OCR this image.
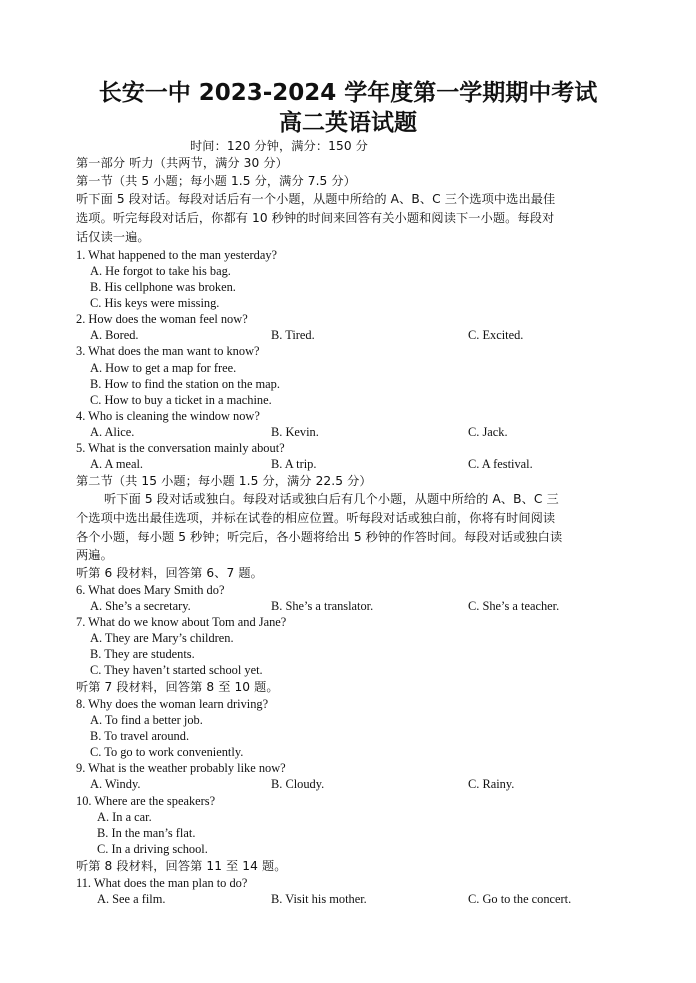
长安一中 2023-2024 学年度第一学期期中考试
高二英语试题
时间：120 分钟，满分：150 分
第一部分 听力（共两节，满分 30 分）
第一节（共 5 小题；每小题 1.5 分，满分 7.5 分）
听下面 5 段对话。每段对话后有一个小题，从题中所给的 A、B、C 三个选项中选出最佳
选项。听完每段对话后，你都有 10 秒钟的时间来回答有关小题和阅读下一小题。每段对
话仅读一遍。
1. What happened to the man yesterday?
A. He forgot to take his bag.
B. His cellphone was broken.
C. His keys were missing.
2. How does the woman feel now?
A. Bored.	B. Tired.	C. Excited.
3. What does the man want to know?
A. How to get a map for free.
B. How to find the station on the map.
C. How to buy a ticket in a machine.
4. Who is cleaning the window now?
A. Alice.	B. Kevin.	C. Jack.
5. What is the conversation mainly about?
A. A meal.	B. A trip.	C. A festival.
第二节（共 15 小题；每小题 1.5 分，满分 22.5 分）
听下面 5 段对话或独白。每段对话或独白后有几个小题，从题中所给的 A、B、C 三
个选项中选出最佳选项，并标在试卷的相应位置。听每段对话或独白前，你将有时间阅读
各个小题，每小题 5 秒钟；听完后，各小题将给出 5 秒钟的作答时间。每段对话或独白读
两遍。
听第 6 段材料，回答第 6、7 题。
6. What does Mary Smith do?
A. She’s a secretary.	B. She’s a translator.	C. She’s a teacher.
7. What do we know about Tom and Jane?
A. They are Mary’s children.
B. They are students.
C. They haven’t started school yet.
听第 7 段材料，回答第 8 至 10 题。
8. Why does the woman learn driving?
A. To find a better job.
B. To travel around.
C. To go to work conveniently.
9. What is the weather probably like now?
A. Windy.	B. Cloudy.	C. Rainy.
10. Where are the speakers?
A. In a car.
B. In the man’s flat.
C. In a driving school.
听第 8 段材料，回答第 11 至 14 题。
11. What does the man plan to do?
A. See a film.	B. Visit his mother.	C. Go to the concert.
